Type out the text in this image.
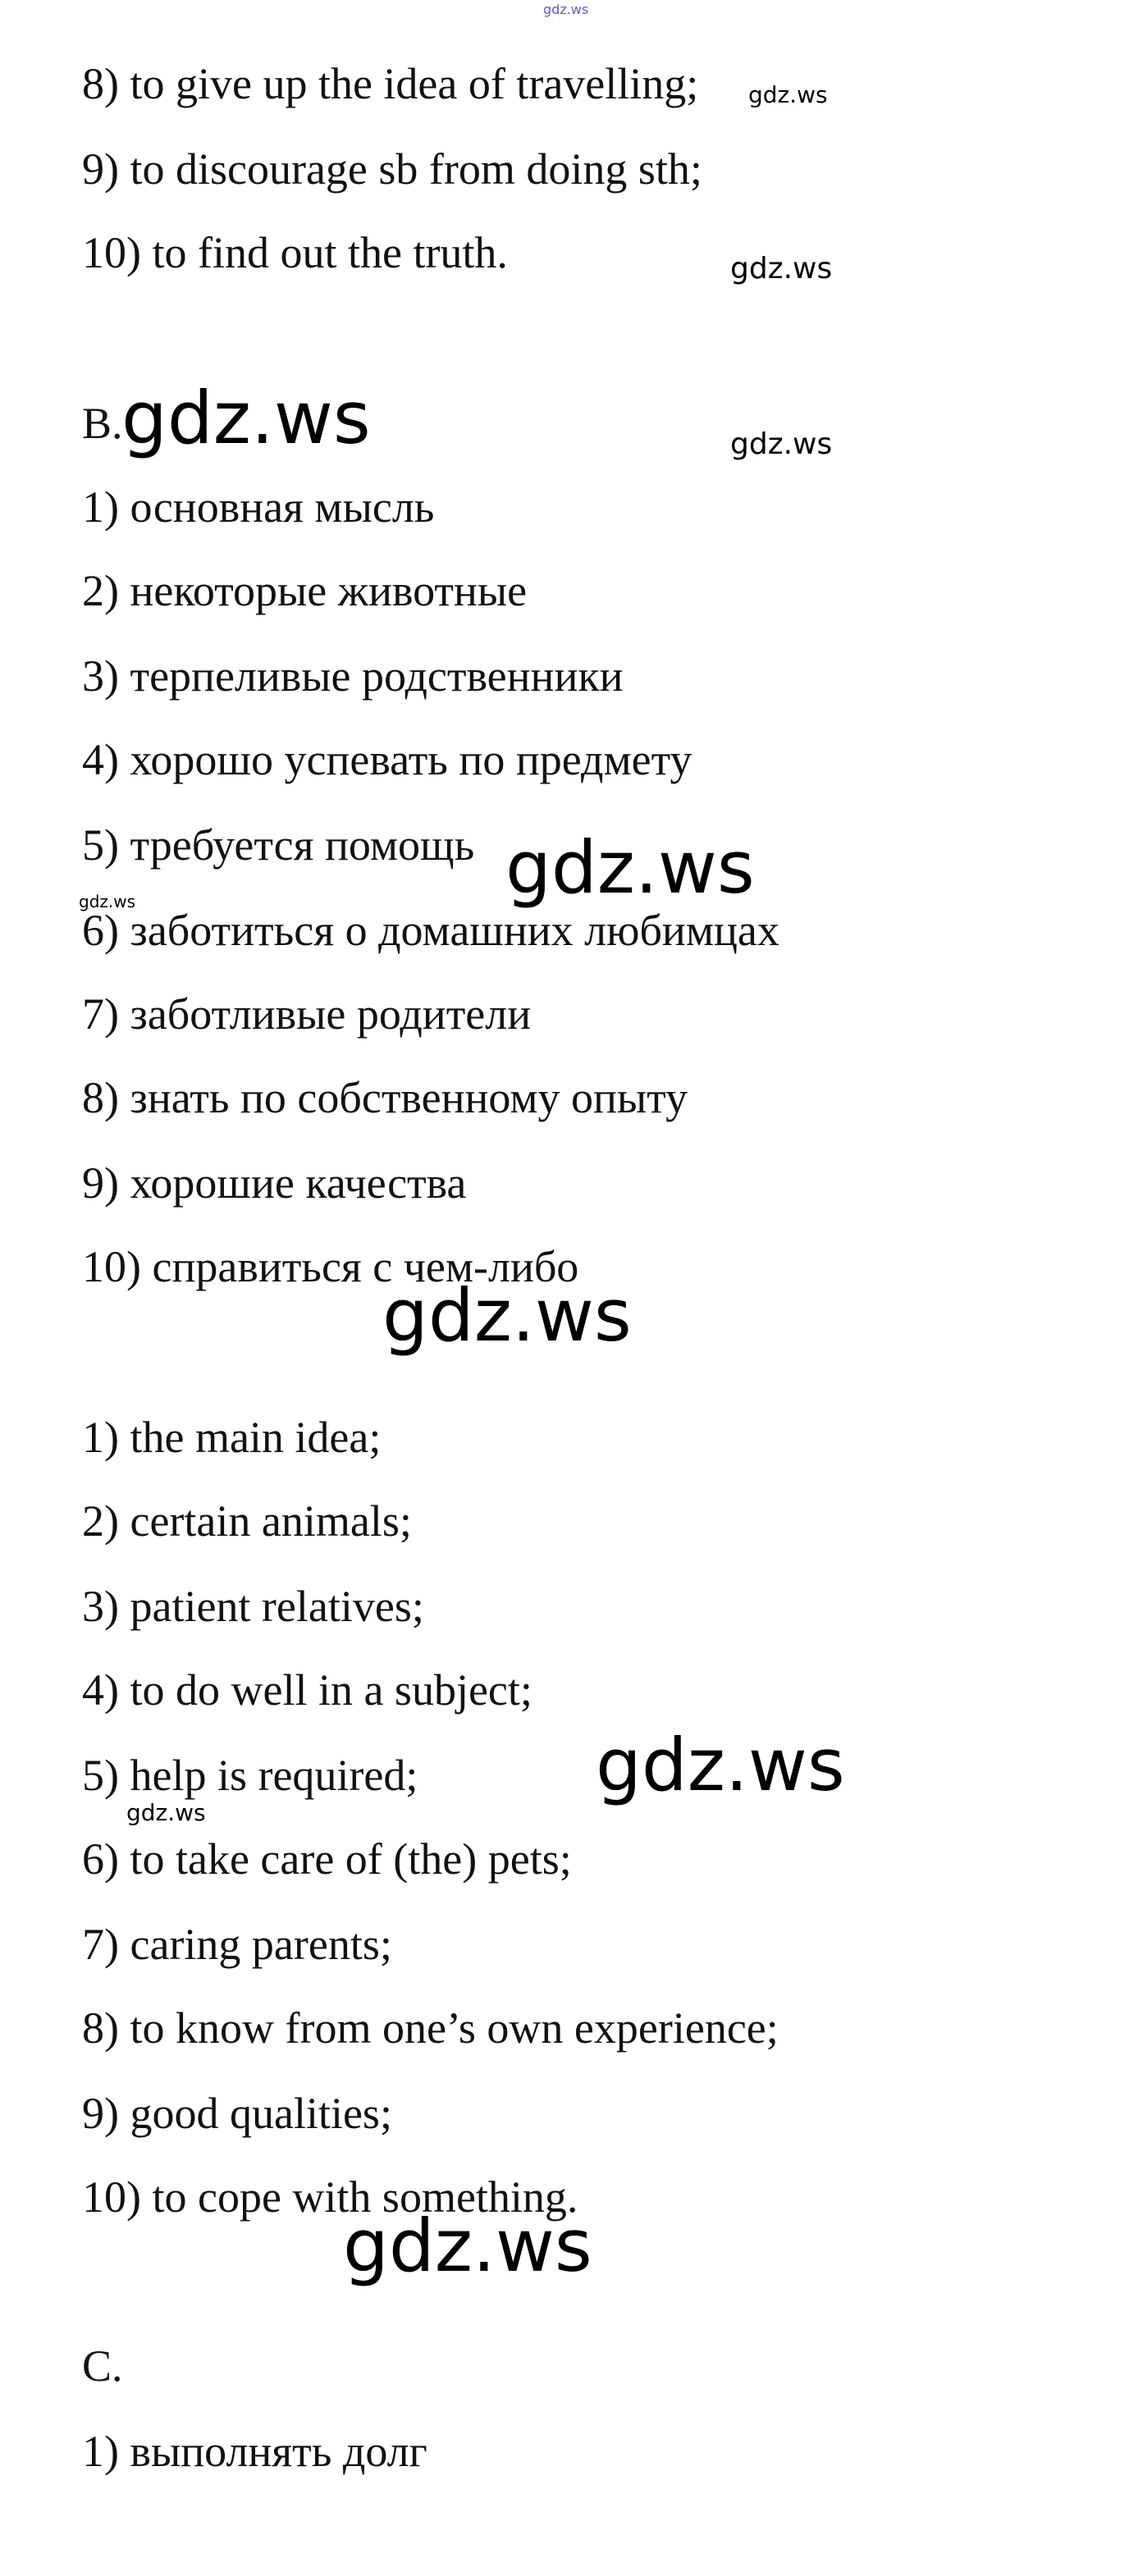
gdz.ws
8) to give up the idea of travelling; gdz.ws
9) to discourage sb from doing sth;
10) to find out the truth.	gdz.ws
B.
gdz.ws	gdz.ws
1) основная мысль
2) некоторые животные
3) терпеливые родственники
4) хорошо успевать по предмету
5) требуется помощь gdz.ws
gdz.ws
6) заботиться о домашних любимцах
7) заботливые родители
8) знать по собственному опыту
9) хорошие качества
10) справиться с чем-либо
gdz.ws
1) the main idea;
2) certain animals;
3) patient relatives;
4) to do well in a subject;
5) help is required; gdz.ws
gdz.ws
6) to take care of (the) pets;
7) caring parents;
8) to know from one’s own experience;
9) good qualities;
10) to cope with something.
gdz.ws
C.
1) выполнять долг
